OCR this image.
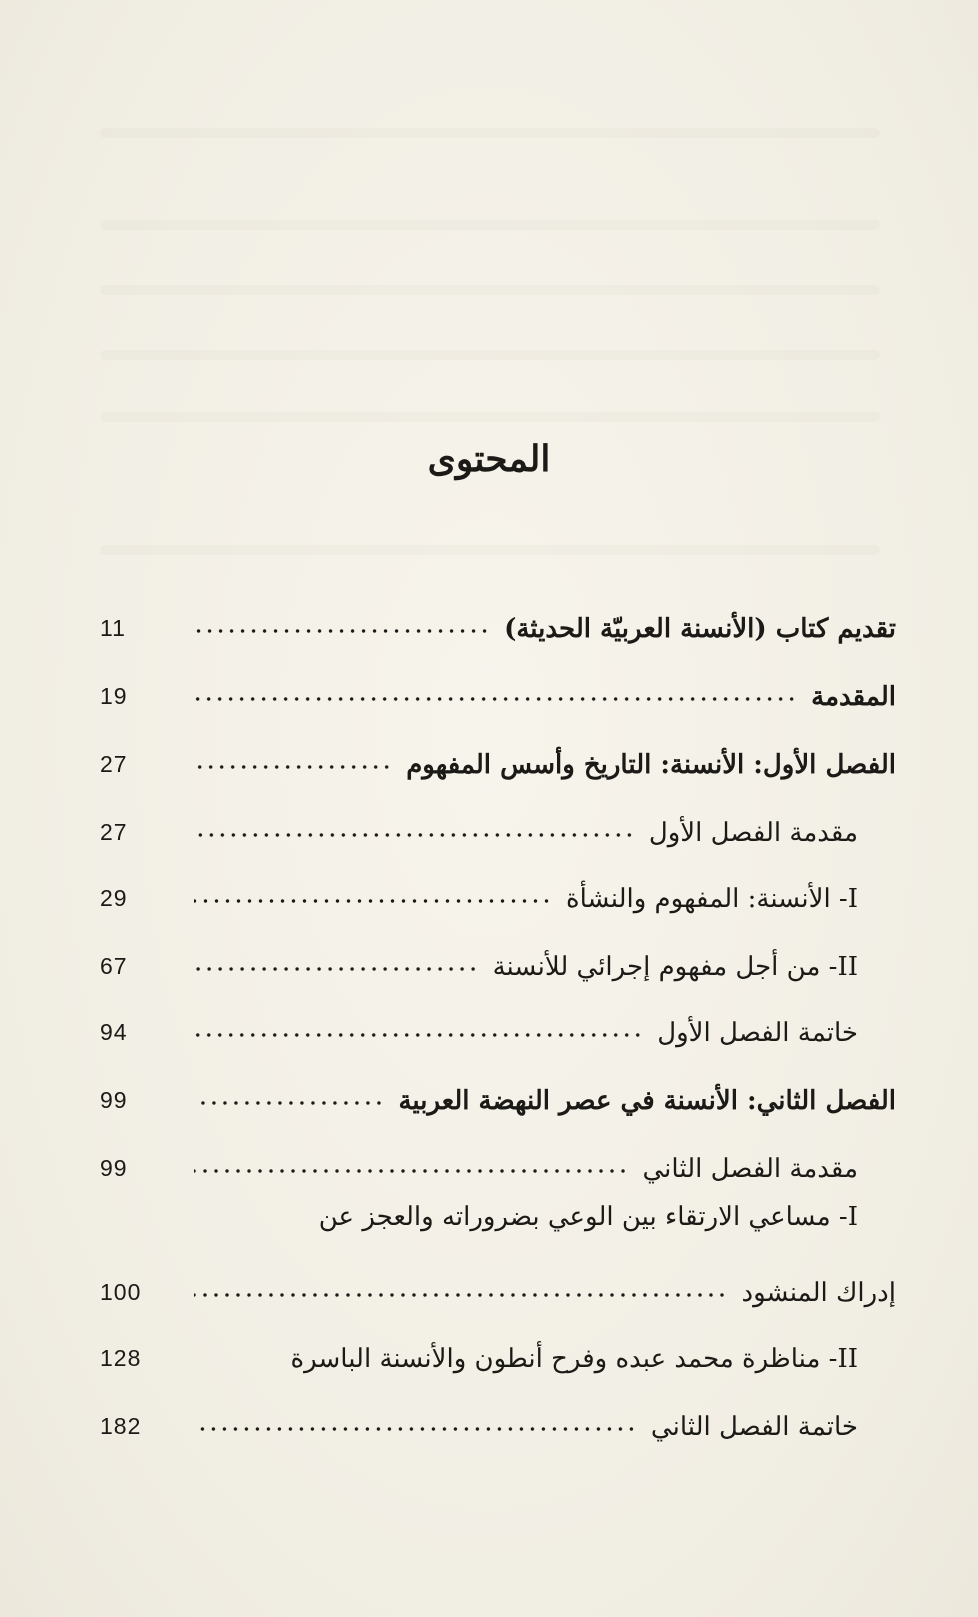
المحتوى
11	تقديم كتاب (الأنسنة العربيّة الحديثة)
19	المقدمة
27	الفصل الأول: الأنسنة: التاريخ وأسس المفهوم
27	مقدمة الفصل الأول
29	I- الأنسنة: المفهوم والنشأة
67	II- من أجل مفهوم إجرائي للأنسنة
94	خاتمة الفصل الأول
99	الفصل الثاني: الأنسنة في عصر النهضة العربية
99	مقدمة الفصل الثاني
I- مساعي الارتقاء بين الوعي بضروراته والعجز عن
100	إدراك المنشود
128	II- مناظرة محمد عبده وفرح أنطون والأنسنة الباسرة
182	خاتمة الفصل الثاني
